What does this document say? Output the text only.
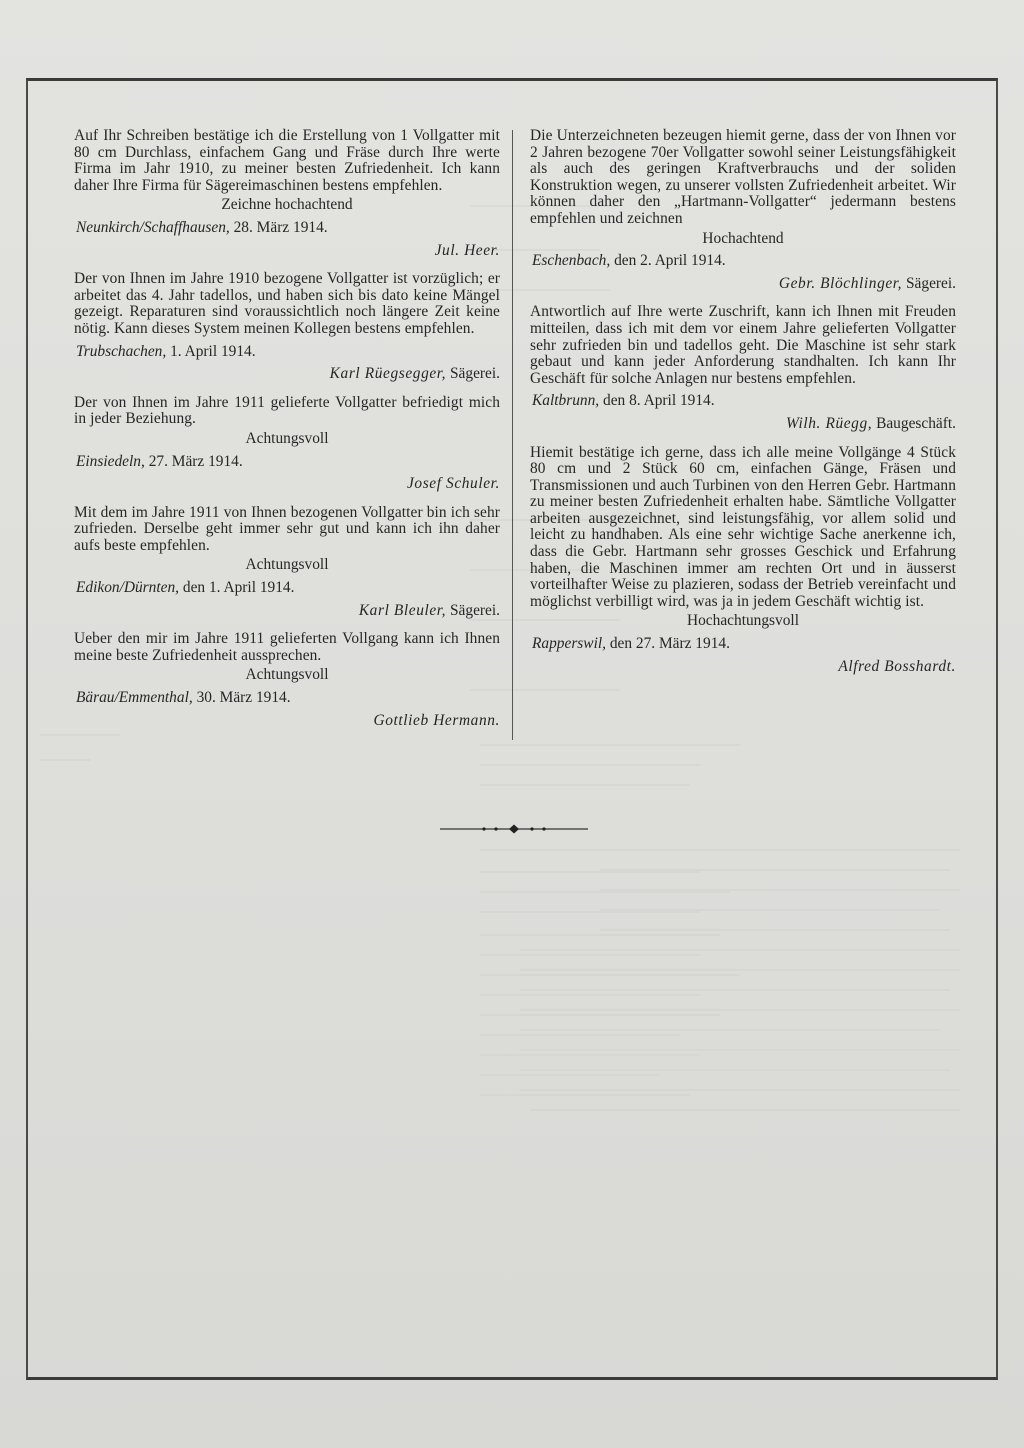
Auf Ihr Schreiben bestätige ich die Erstellung von 1 Vollgatter mit 80 cm Durchlass, einfachem Gang und Fräse durch Ihre werte Firma im Jahr 1910, zu meiner besten Zufriedenheit. Ich kann daher Ihre Firma für Sägereimaschinen bestens empfehlen.

Zeichne hochachtend

Neunkirch/Schaffhausen, 28. März 1914.

Jul. Heer.

Der von Ihnen im Jahre 1910 bezogene Vollgatter ist vorzüglich; er arbeitet das 4. Jahr tadellos, und haben sich bis dato keine Mängel gezeigt. Reparaturen sind voraussichtlich noch längere Zeit keine nötig. Kann dieses System meinen Kollegen bestens empfehlen.

Trubschachen, 1. April 1914.

Karl Rüegsegger, Sägerei.

Der von Ihnen im Jahre 1911 gelieferte Vollgatter befriedigt mich in jeder Beziehung.

Achtungsvoll

Einsiedeln, 27. März 1914.

Josef Schuler.

Mit dem im Jahre 1911 von Ihnen bezogenen Vollgatter bin ich sehr zufrieden. Derselbe geht immer sehr gut und kann ich ihn daher aufs beste empfehlen.

Achtungsvoll

Edikon/Dürnten, den 1. April 1914.

Karl Bleuler, Sägerei.

Ueber den mir im Jahre 1911 gelieferten Vollgang kann ich Ihnen meine beste Zufriedenheit aussprechen.

Achtungsvoll

Bärau/Emmenthal, 30. März 1914.

Gottlieb Hermann.

Die Unterzeichneten bezeugen hiemit gerne, dass der von Ihnen vor 2 Jahren bezogene 70er Vollgatter sowohl seiner Leistungsfähigkeit als auch des geringen Kraftverbrauchs und der soliden Konstruktion wegen, zu unserer vollsten Zufriedenheit arbeitet. Wir können daher den „Hartmann-Vollgatter“ jedermann bestens empfehlen und zeichnen

Hochachtend

Eschenbach, den 2. April 1914.

Gebr. Blöchlinger, Sägerei.

Antwortlich auf Ihre werte Zuschrift, kann ich Ihnen mit Freuden mitteilen, dass ich mit dem vor einem Jahre gelieferten Vollgatter sehr zufrieden bin und tadellos geht. Die Maschine ist sehr stark gebaut und kann jeder Anforderung standhalten. Ich kann Ihr Geschäft für solche Anlagen nur bestens empfehlen.

Kaltbrunn, den 8. April 1914.

Wilh. Rüegg, Baugeschäft.

Hiemit bestätige ich gerne, dass ich alle meine Vollgänge 4 Stück 80 cm und 2 Stück 60 cm, einfachen Gänge, Fräsen und Transmissionen und auch Turbinen von den Herren Gebr. Hartmann zu meiner besten Zufriedenheit erhalten habe. Sämtliche Vollgatter arbeiten ausgezeichnet, sind leistungsfähig, vor allem solid und leicht zu handhaben. Als eine sehr wichtige Sache anerkenne ich, dass die Gebr. Hartmann sehr grosses Geschick und Erfahrung haben, die Maschinen immer am rechten Ort und in äusserst vorteilhafter Weise zu plazieren, sodass der Betrieb vereinfacht und möglichst verbilligt wird, was ja in jedem Geschäft wichtig ist.

Hochachtungsvoll

Rapperswil, den 27. März 1914.

Alfred Bosshardt.
